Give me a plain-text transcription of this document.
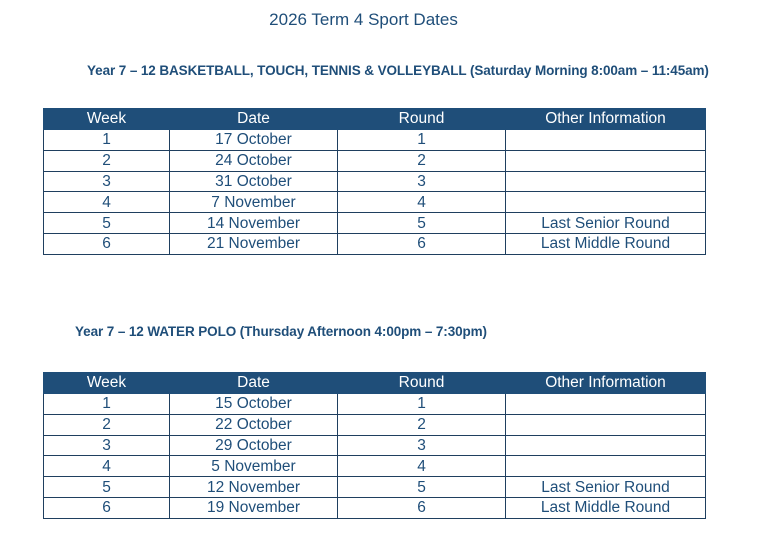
2026 Term 4 Sport Dates
Year 7 – 12 BASKETBALL, TOUCH, TENNIS & VOLLEYBALL (Saturday Morning 8:00am – 11:45am)
Week	Date	Round	Other Information
1	17 October	1	
2	24 October	2	
3	31 October	3	
4	7 November	4	
5	14 November	5	Last Senior Round
6	21 November	6	Last Middle Round
Year 7 – 12 WATER POLO (Thursday Afternoon 4:00pm – 7:30pm)
Week	Date	Round	Other Information
1	15 October	1	
2	22 October	2	
3	29 October	3	
4	5 November	4	
5	12 November	5	Last Senior Round
6	19 November	6	Last Middle Round
